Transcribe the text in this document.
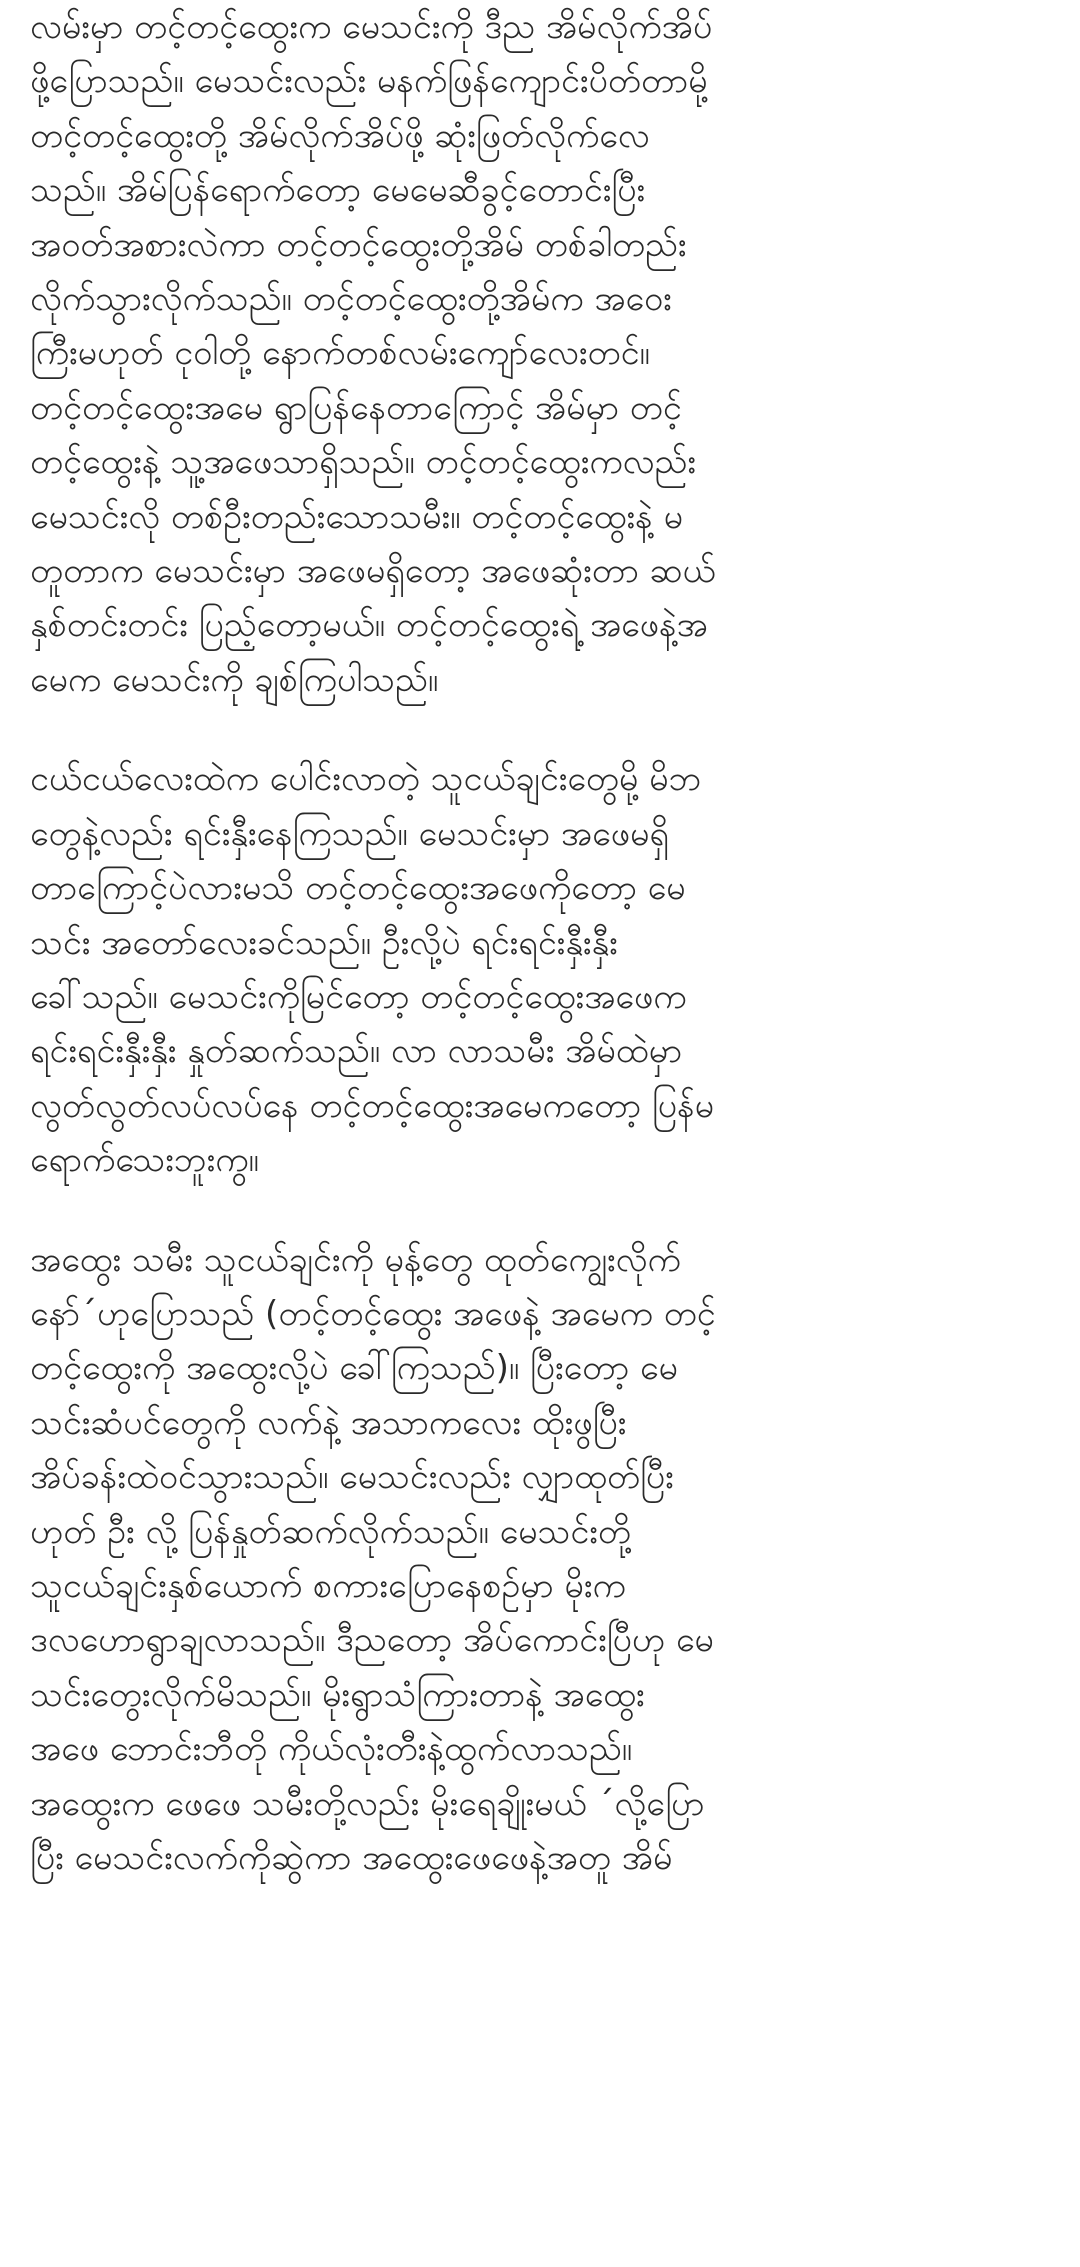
လမ်းမှာ တင့်တင့်ထွေးက မေသင်းကို ဒီည အိမ်လိုက်အိပ်
ဖို့ပြောသည်။ မေသင်းလည်း မနက်ဖြန်ကျောင်းပိတ်တာမို့
တင့်တင့်ထွေးတို့ အိမ်လိုက်အိပ်ဖို့ ဆုံးဖြတ်လိုက်လေ
သည်။ အိမ်ပြန်ရောက်တော့ မေမေဆီခွင့်တောင်းပြီး
အဝတ်အစားလဲကာ တင့်တင့်ထွေးတို့အိမ် တစ်ခါတည်း
လိုက်သွားလိုက်သည်။ တင့်တင့်ထွေးတို့အိမ်က အဝေး
ကြီးမဟုတ် ငုဝါတို့ နောက်တစ်လမ်းကျော်လေးတင်။
တင့်တင့်ထွေးအမေ ရွာပြန်နေတာကြောင့် အိမ်မှာ တင့်
တင့်ထွေးနဲ့ သူ့အဖေသာရှိသည်။ တင့်တင့်ထွေးကလည်း
မေသင်းလို တစ်ဦးတည်းသောသမီး။ တင့်တင့်ထွေးနဲ့ မ
တူတာက မေသင်းမှာ အဖေမရှိတော့ အဖေဆုံးတာ ဆယ်
နှစ်တင်းတင်း ပြည့်တော့မယ်။ တင့်တင့်ထွေးရဲ့ အဖေနဲ့အ
မေက မေသင်းကို ချစ်ကြပါသည်။

ငယ်ငယ်လေးထဲက ပေါင်းလာတဲ့ သူငယ်ချင်းတွေမို့ မိဘ
တွေနဲ့လည်း ရင်းနှီးနေကြသည်။ မေသင်းမှာ အဖေမရှိ
တာကြောင့်ပဲလားမသိ တင့်တင့်ထွေးအဖေကိုတော့ မေ
သင်း အတော်လေးခင်သည်။ ဦးလို့ပဲ ရင်းရင်းနှီးနှီး
ခေါ်သည်။ မေသင်းကိုမြင်တော့ တင့်တင့်ထွေးအဖေက
ရင်းရင်းနှီးနှီး နှုတ်ဆက်သည်။ လာ လာသမီး အိမ်ထဲမှာ
လွတ်လွတ်လပ်လပ်နေ တင့်တင့်ထွေးအမေကတော့ ပြန်မ
ရောက်သေးဘူးကွ။

အထွေး သမီး သူငယ်ချင်းကို မုန့်တွေ ထုတ်ကျွေးလိုက်
နော်´ဟုပြောသည် (တင့်တင့်ထွေး အဖေနဲ့ အမေက တင့်
တင့်ထွေးကို အထွေးလို့ပဲ ခေါ်ကြသည်)။ ပြီးတော့ မေ
သင်းဆံပင်တွေကို လက်နဲ့ အသာကလေး ထိုးဖွပြီး
အိပ်ခန်းထဲဝင်သွားသည်။ မေသင်းလည်း လျှာထုတ်ပြီး
ဟုတ် ဦး လို့ ပြန်နှုတ်ဆက်လိုက်သည်။ မေသင်းတို့
သူငယ်ချင်းနှစ်ယောက် စကားပြောနေစဉ်မှာ မိုးက
ဒလဟောရွာချလာသည်။ ဒီညတော့ အိပ်ကောင်းပြီဟု မေ
သင်းတွေးလိုက်မိသည်။ မိုးရွာသံကြားတာနဲ့ အထွေး
အဖေ ဘောင်းဘီတို ကိုယ်လုံးတီးနဲ့ထွက်လာသည်။
အထွေးက ဖေဖေ သမီးတို့လည်း မိုးရေချိုးမယ် ´လို့ပြော
ပြီး မေသင်းလက်ကိုဆွဲကာ အထွေးဖေဖေနဲ့အတူ အိမ်
